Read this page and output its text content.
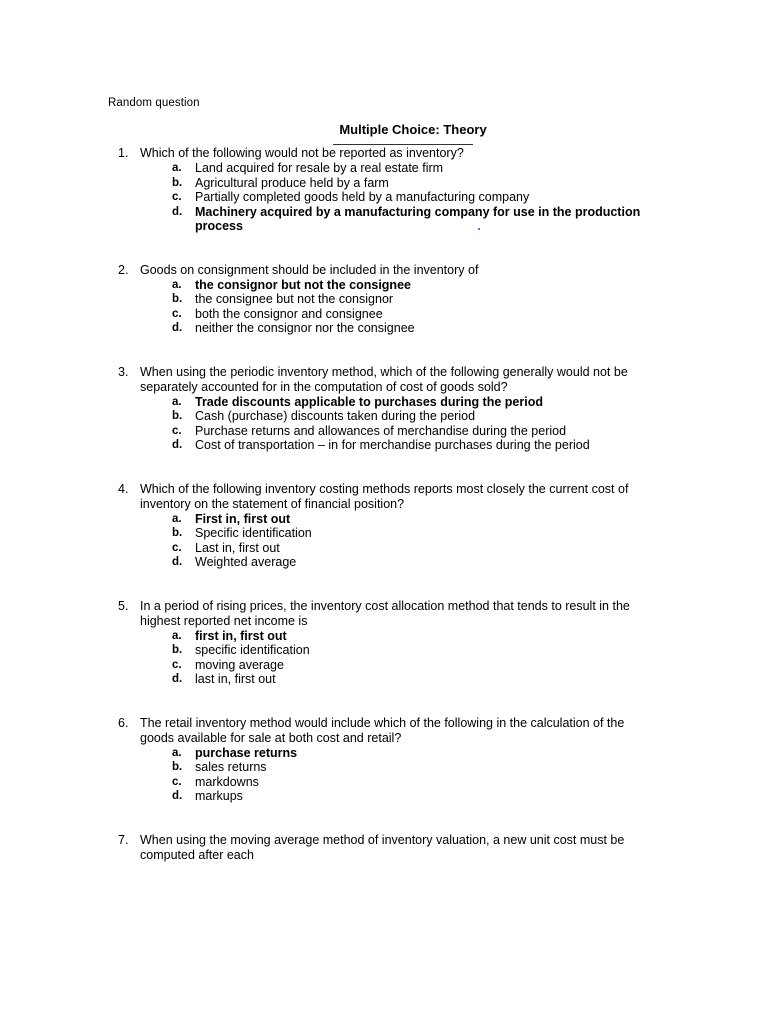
Random question
Multiple Choice: Theory
1. Which of the following would not be reported as inventory?
a. Land acquired for resale by a real estate firm
b. Agricultural produce held by a farm
c. Partially completed goods held by a manufacturing company
d. Machinery acquired by a manufacturing company for use in the production process
2. Goods on consignment should be included in the inventory of
a. the consignor but not the consignee
b. the consignee but not the consignor
c. both the consignor and consignee
d. neither the consignor nor the consignee
3. When using the periodic inventory method, which of the following generally would not be separately accounted for in the computation of cost of goods sold?
a. Trade discounts applicable to purchases during the period
b. Cash (purchase) discounts taken during the period
c. Purchase returns and allowances of merchandise during the period
d. Cost of transportation – in for merchandise purchases during the period
4. Which of the following inventory costing methods reports most closely the current cost of inventory on the statement of financial position?
a. First in, first out
b. Specific identification
c. Last in, first out
d. Weighted average
5. In a period of rising prices, the inventory cost allocation method that tends to result in the highest reported net income is
a. first in, first out
b. specific identification
c. moving average
d. last in, first out
6. The retail inventory method would include which of the following in the calculation of the goods available for sale at both cost and retail?
a. purchase returns
b. sales returns
c. markdowns
d. markups
7. When using the moving average method of inventory valuation, a new unit cost must be computed after each
